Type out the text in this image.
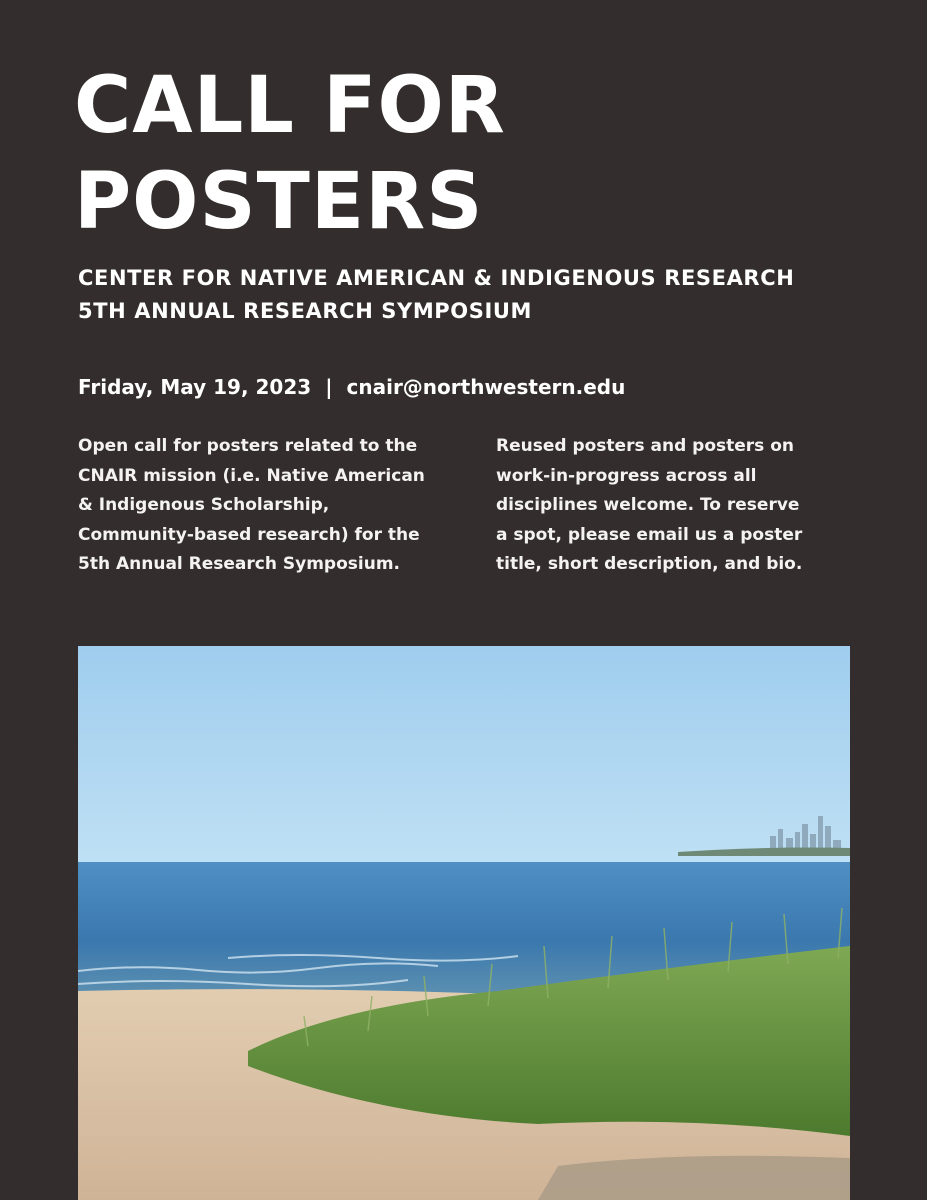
CALL FOR
POSTERS
CENTER FOR NATIVE AMERICAN & INDIGENOUS RESEARCH
5TH ANNUAL RESEARCH SYMPOSIUM
Friday, May 19, 2023 | cnair@northwestern.edu
Open call for posters related to the
CNAIR mission (i.e. Native American
& Indigenous Scholarship,
Community-based research) for the
5th Annual Research Symposium.
Reused posters and posters on
work-in-progress across all
disciplines welcome. To reserve
a spot, please email us a poster
title, short description, and bio.
